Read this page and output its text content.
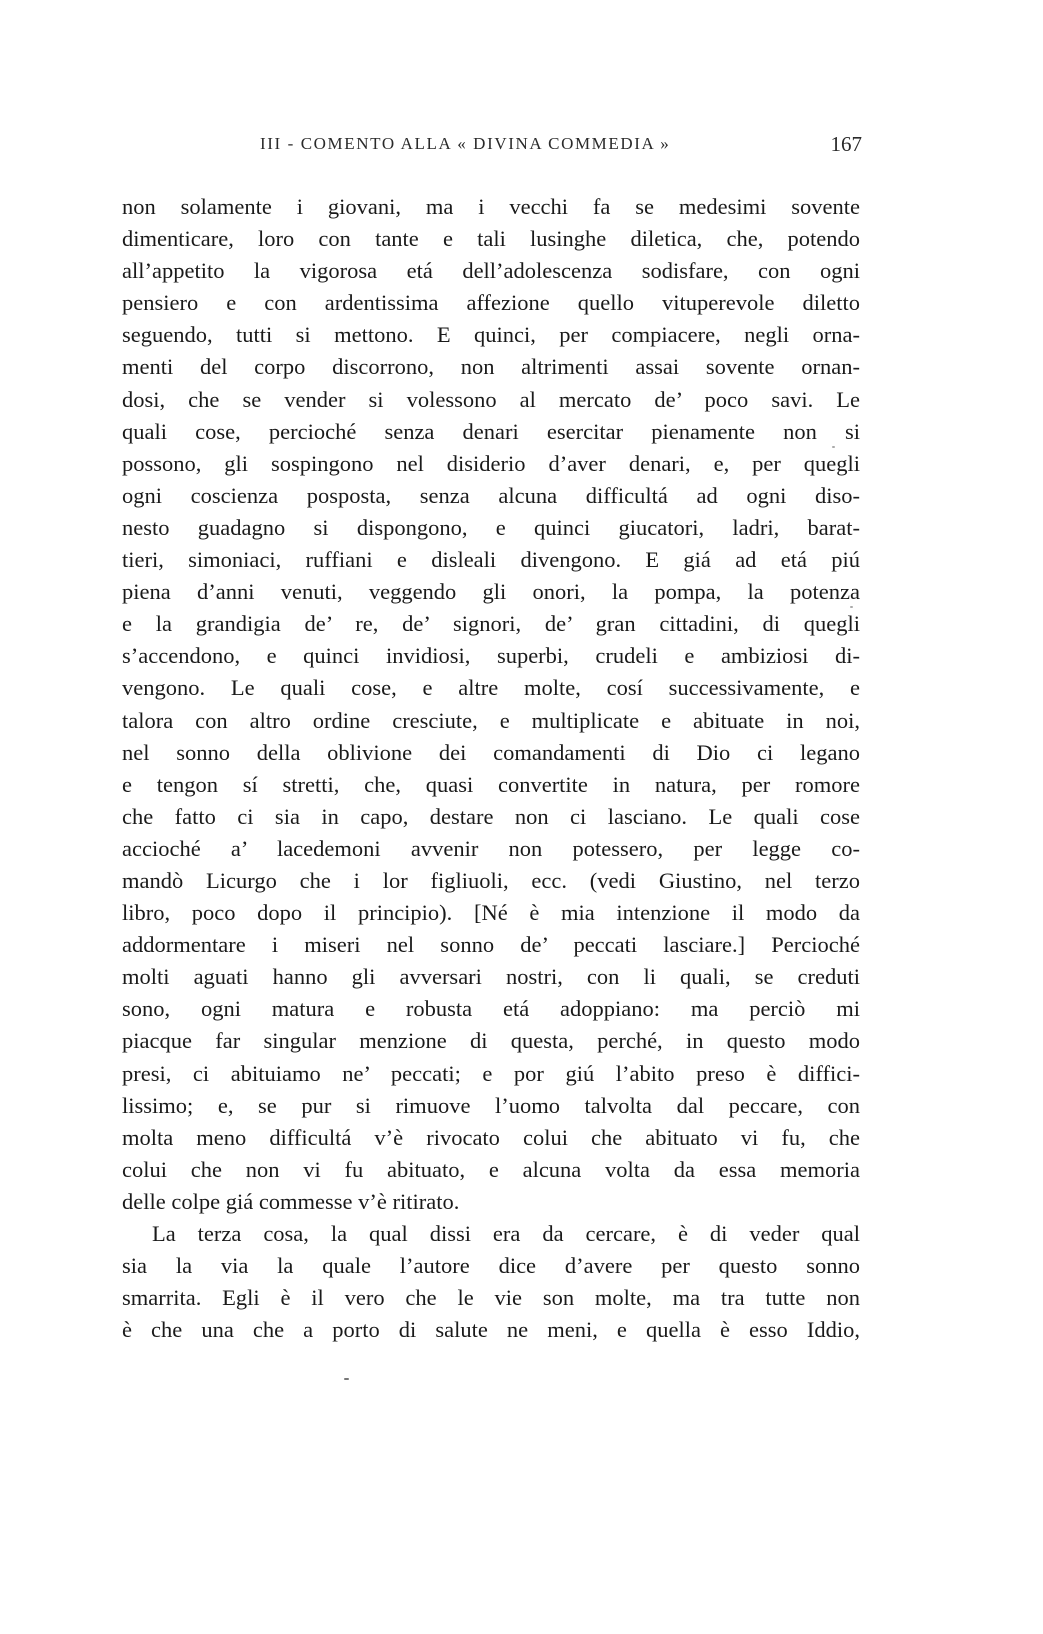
III - COMENTO ALLA « DIVINA COMMEDIA »	167
non solamente i giovani, ma i vecchi fa se medesimi sovente
dimenticare, loro con tante e tali lusinghe diletica, che, potendo
all’appetito la vigorosa etá dell’adolescenza sodisfare, con ogni
pensiero e con ardentissima affezione quello vituperevole diletto
seguendo, tutti si mettono. E quinci, per compiacere, negli orna-
menti del corpo discorrono, non altrimenti assai sovente ornan-
dosi, che se vender si volessono al mercato de’ poco savi. Le
quali cose, percioché senza denari esercitar pienamente non si
possono, gli sospingono nel disiderio d’aver denari, e, per quegli
ogni coscienza posposta, senza alcuna difficultá ad ogni diso-
nesto guadagno si dispongono, e quinci giucatori, ladri, barat-
tieri, simoniaci, ruffiani e disleali divengono. E giá ad etá piú
piena d’anni venuti, veggendo gli onori, la pompa, la potenza
e la grandigia de’ re, de’ signori, de’ gran cittadini, di quegli
s’accendono, e quinci invidiosi, superbi, crudeli e ambiziosi di-
vengono. Le quali cose, e altre molte, cosí successivamente, e
talora con altro ordine cresciute, e multiplicate e abituate in noi,
nel sonno della oblivione dei comandamenti di Dio ci legano
e tengon sí stretti, che, quasi convertite in natura, per romore
che fatto ci sia in capo, destare non ci lasciano. Le quali cose
accioché a’ lacedemoni avvenir non potessero, per legge co-
mandò Licurgo che i lor figliuoli, ecc. (vedi Giustino, nel terzo
libro, poco dopo il principio). [Né è mia intenzione il modo da
addormentare i miseri nel sonno de’ peccati lasciare.] Percioché
molti aguati hanno gli avversari nostri, con li quali, se creduti
sono, ogni matura e robusta etá adoppiano: ma perciò mi
piacque far singular menzione di questa, perché, in questo modo
presi, ci abituiamo ne’ peccati; e por giú l’abito preso è diffici-
lissimo; e, se pur si rimuove l’uomo talvolta dal peccare, con
molta meno difficultá v’è rivocato colui che abituato vi fu, che
colui che non vi fu abituato, e alcuna volta da essa memoria
delle colpe giá commesse v’è ritirato.
La terza cosa, la qual dissi era da cercare, è di veder qual
sia la via la quale l’autore dice d’avere per questo sonno
smarrita. Egli è il vero che le vie son molte, ma tra tutte non
è che una che a porto di salute ne meni, e quella è esso Iddio,
